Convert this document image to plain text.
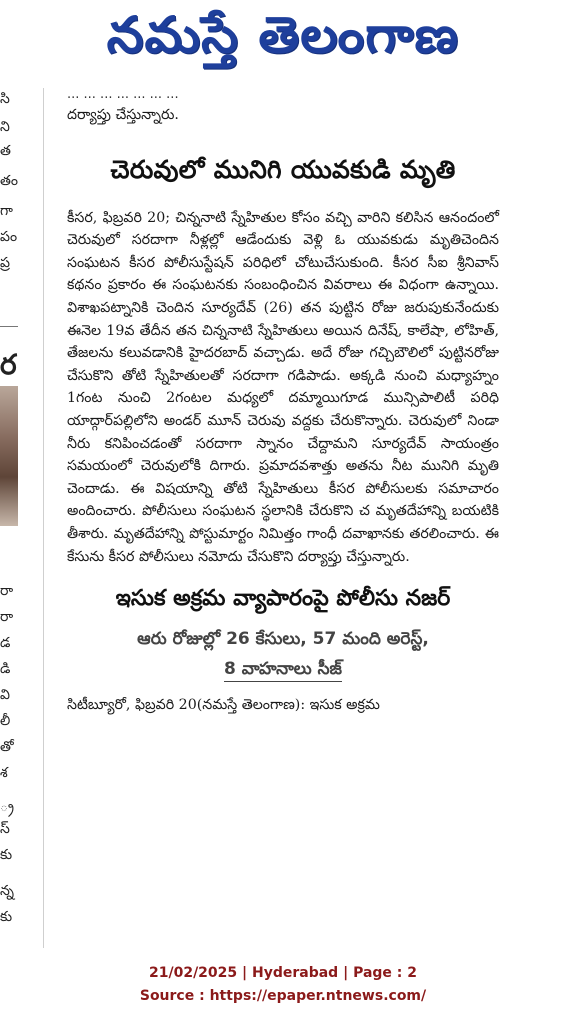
నమస్తే తెలంగాణ
సి
ని
త
తం
గా
పం
ప్ర
ర
రా
రా
డ
డి
వి
లీ
తో
శ
్ర
స్
కు
న్న
కు
... ... ... ... ... ... ...

దర్యాప్తు చేస్తున్నారు.

చెరువులో మునిగి యువకుడి మృతి

కీసర, ఫిబ్రవరి 20; చిన్ననాటి స్నేహితుల కోసం వచ్చి వారిని కలిసిన ఆనందంలో చెరువులో సరదాగా నీళ్లల్లో ఆడేందుకు వెళ్లి ఓ యువకుడు మృతిచెందిన సంఘటన కీసర పోలీసుస్టేషన్ పరిధిలో చోటుచేసుకుంది. కీసర సీఐ శ్రీనివాస్ కథనం ప్రకారం ఈ సంఘటనకు సంబంధించిన వివరాలు ఈ విధంగా ఉన్నాయి. విశాఖపట్నానికి చెందిన సూర్యదేవ్ (26) తన పుట్టిన రోజు జరుపుకునేందుకు ఈనెల 19వ తేదీన తన చిన్ననాటి స్నేహితులు అయిన దినేష్, కాలేషా, లోహిత్, తేజలను కలువడానికి హైదరబాద్ వచ్చాడు. అదే రోజు గచ్చిబౌలిలో పుట్టినరోజు చేసుకొని తోటి స్నేహితులతో సరదాగా గడిపాడు. అక్కడి నుంచి మధ్యాహ్నం 1గంట నుంచి 2గంటల మధ్యలో దమ్మాయిగూడ మున్సిపాలిటీ పరిధి యాద్గార్‌పల్లిలోని అండర్ మూన్ చెరువు వద్దకు చేరుకొన్నారు. చెరువులో నిండా నీరు కనిపించడంతో సరదాగా స్నానం చేద్దామని సూర్యదేవ్ సాయంత్రం సమయంలో చెరువులోకి దిగారు. ప్రమాదవశాత్తు అతను నీట మునిగి మృతి చెందాడు. ఈ విషయాన్ని తోటి స్నేహితులు కీసర పోలీసులకు సమాచారం అందించారు. పోలీసులు సంఘటన స్థలానికి చేరుకొని చ మృతదేహాన్ని బయటికి తీశారు. మృతదేహాన్ని పోస్టుమార్టం నిమిత్తం గాంధీ దవాఖానకు తరలించారు. ఈ కేసును కీసర పోలీసులు నమోదు చేసుకొని దర్యాప్తు చేస్తున్నారు.

ఇసుక అక్రమ వ్యాపారంపై పోలీసు నజర్
ఆరు రోజుల్లో 26 కేసులు, 57 మంది అరెస్ట్,
8 వాహనాలు సీజ్

సిటీబ్యూరో, ఫిబ్రవరి 20(నమస్తే తెలంగాణ): ఇసుక అక్రమ

21/02/2025 | Hyderabad | Page : 2
Source : https://epaper.ntnews.com/
